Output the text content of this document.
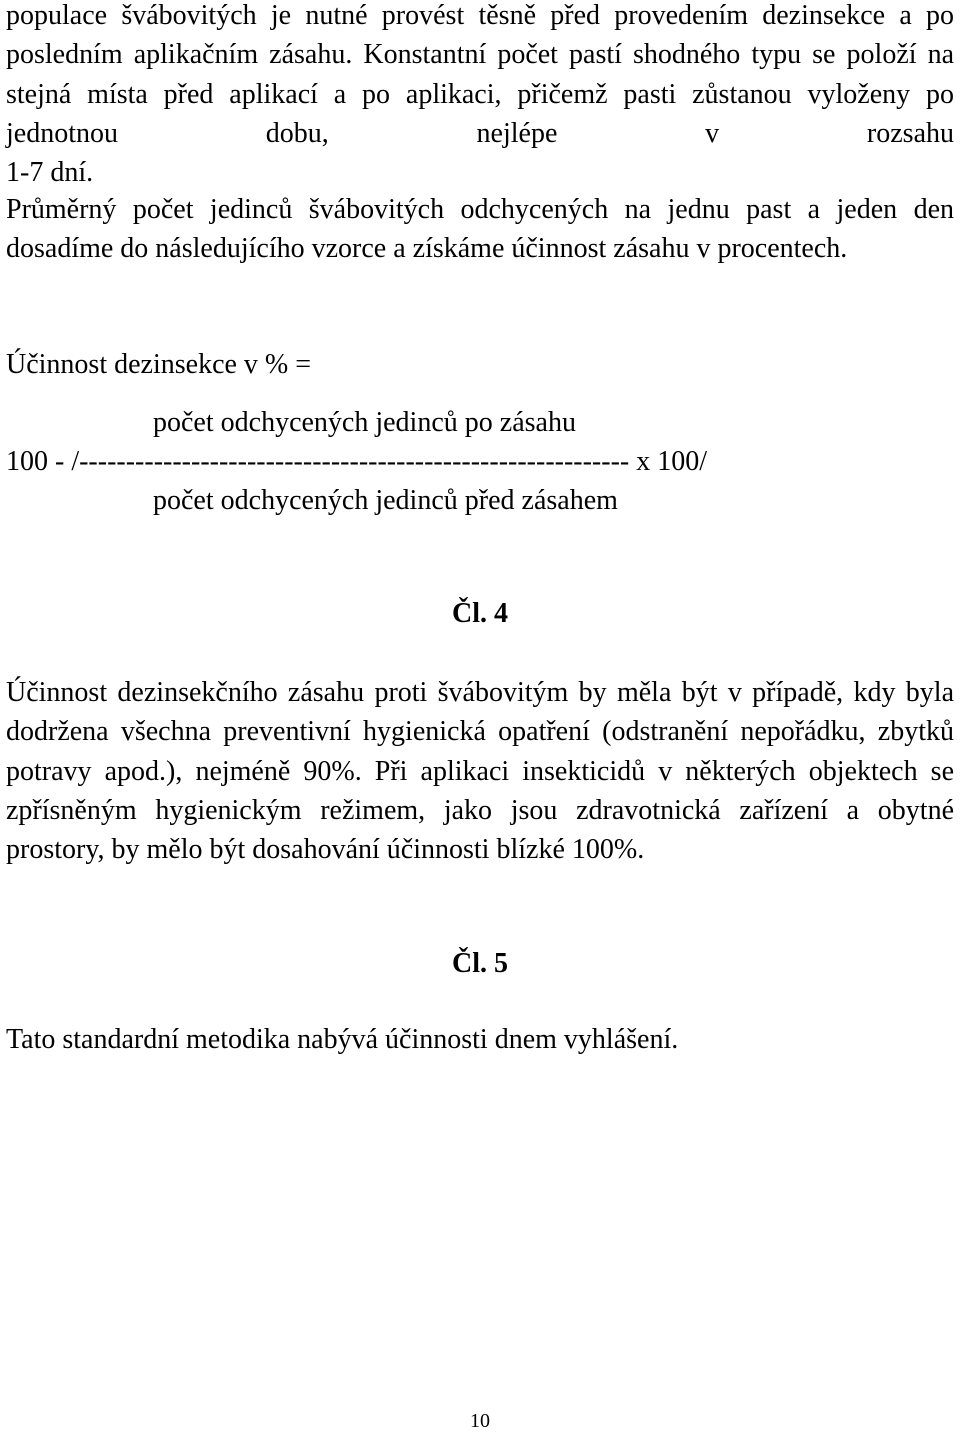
populace švábovitých je nutné provést těsně před provedením dezinsekce a po posledním aplikačním zásahu. Konstantní počet pastí shodného typu se položí na stejná místa před aplikací a po aplikaci, přičemž pasti zůstanou vyloženy po jednotnou dobu, nejlépe v rozsahu
1-7 dní.

Průměrný počet jedinců švábovitých odchycených na jednu past a jeden den dosadíme do následujícího vzorce a získáme účinnost zásahu v procentech.

Účinnost dezinsekce v % =

počet odchycených jedinců po zásahu
100 - /----------------------------------------------------------- x 100/
počet odchycených jedinců před zásahem
Čl. 4

Účinnost dezinsekčního zásahu proti švábovitým by měla být v případě, kdy byla dodržena všechna preventivní hygienická opatření (odstranění nepořádku, zbytků potravy apod.), nejméně 90%. Při aplikaci insekticidů v některých objektech se zpřísněným hygienickým režimem, jako jsou zdravotnická zařízení a obytné prostory, by mělo být dosahování účinnosti blízké 100%.

Čl. 5

Tato standardní metodika nabývá účinnosti dnem vyhlášení.

10
